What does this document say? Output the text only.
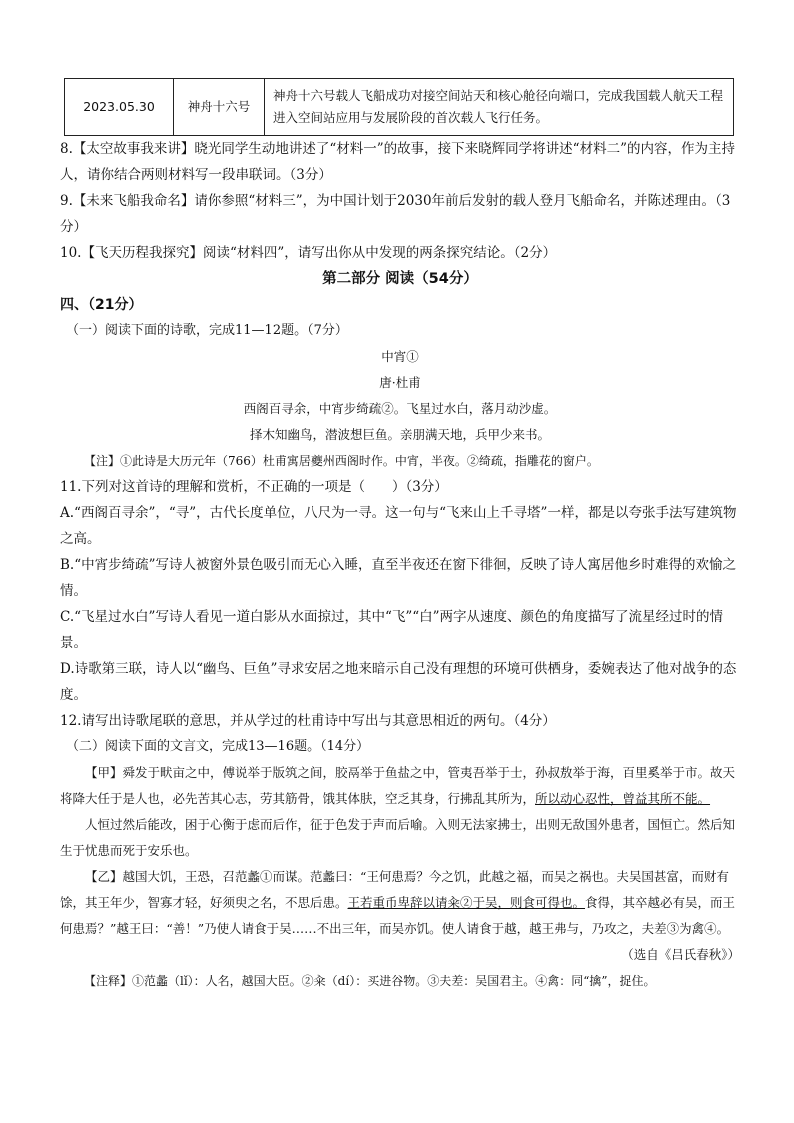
2023.05.30	神舟十六号	神舟十六号载人飞船成功对接空间站天和核心舱径向端口，完成我国载人航天工程进入空间站应用与发展阶段的首次载人飞行任务。

8.【太空故事我来讲】晓光同学生动地讲述了“材料一”的故事，接下来晓辉同学将讲述“材料二”的内容，作为主持人，请你结合两则材料写一段串联词。（3分）

9.【未来飞船我命名】请你参照“材料三”，为中国计划于2030年前后发射的载人登月飞船命名，并陈述理由。（3分）

10.【飞天历程我探究】阅读“材料四”，请写出你从中发现的两条探究结论。（2分）

第二部分 阅读（54分）

四、（21分）

（一）阅读下面的诗歌，完成11—12题。（7分）

中宵①

唐·杜甫

西阁百寻余，中宵步绮疏②。飞星过水白，落月动沙虚。

择木知幽鸟，潜波想巨鱼。亲朋满天地，兵甲少来书。

【注】①此诗是大历元年（766）杜甫寓居夔州西阁时作。中宵，半夜。②绮疏，指雕花的窗户。

11.下列对这首诗的理解和赏析，不正确的一项是（　　）（3分）

A.“西阁百寻余”，“寻”，古代长度单位，八尺为一寻。这一句与“飞来山上千寻塔”一样，都是以夸张手法写建筑物之高。

B.“中宵步绮疏”写诗人被窗外景色吸引而无心入睡，直至半夜还在窗下徘徊，反映了诗人寓居他乡时难得的欢愉之情。

C.“飞星过水白”写诗人看见一道白影从水面掠过，其中“飞”“白”两字从速度、颜色的角度描写了流星经过时的情景。

D.诗歌第三联，诗人以“幽鸟、巨鱼”寻求安居之地来暗示自己没有理想的环境可供栖身，委婉表达了他对战争的态度。

12.请写出诗歌尾联的意思，并从学过的杜甫诗中写出与其意思相近的两句。（4分）

（二）阅读下面的文言文，完成13—16题。（14分）

【甲】舜发于畎亩之中，傅说举于版筑之间，胶鬲举于鱼盐之中，管夷吾举于士，孙叔敖举于海，百里奚举于市。故天将降大任于是人也，必先苦其心志，劳其筋骨，饿其体肤，空乏其身，行拂乱其所为，所以动心忍性，曾益其所不能。

人恒过然后能改，困于心衡于虑而后作，征于色发于声而后喻。入则无法家拂士，出则无敌国外患者，国恒亡。然后知生于忧患而死于安乐也。

【乙】越国大饥，王恐，召范蠡①而谋。范蠡曰：“王何患焉？今之饥，此越之福，而吴之祸也。夫吴国甚富，而财有馀，其王年少，智寡才轻，好须臾之名，不思后患。王若重币卑辞以请籴②于吴，则食可得也。食得，其卒越必有吴，而王何患焉？”越王曰：“善！”乃使人请食于吴……不出三年，而吴亦饥。使人请食于越，越王弗与，乃攻之，夫差③为禽④。

（选自《吕氏春秋》）

【注释】①范蠡（lǐ）：人名，越国大臣。②籴（dí）：买进谷物。③夫差：吴国君主。④禽：同“擒”，捉住。
